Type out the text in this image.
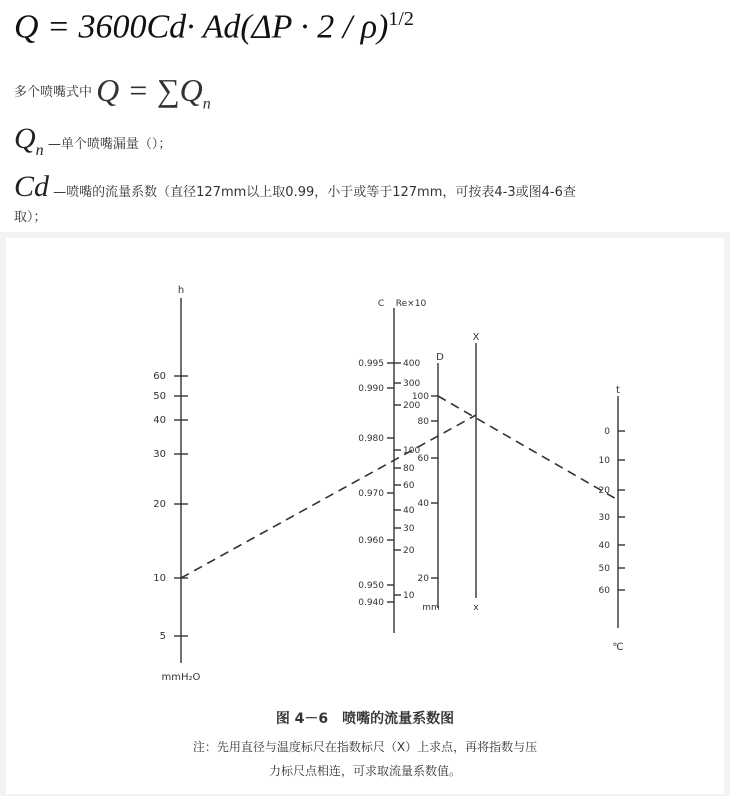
$Q = 3600Cd\cdot Ad(\Delta P \cdot 2 / \rho)^{1/2}$
多个喷嘴式中 $Q = \sum Q_n$
$Q_n$ —单个喷嘴漏量（）；
Cd —喷嘴的流量系数（直径127mm以上取0.99，小于或等于127mm，可按表4-3或图4-6查
取）；
h
60
50
40
30
20
10
5
mmH₂O
C Re×10
0.995
0.990
0.980
0.970
0.960
0.950
0.940
400
300
200
100
80
60
40
30
20
10
D
100
80
60
40
20
mm
X
x
t
0
10
20
30
40
50
60
℃
图 4－6　喷嘴的流量系数图
注：先用直径与温度标尺在指数标尺（X）上求点，再将指数与压
力标尺点相连，可求取流量系数值。
